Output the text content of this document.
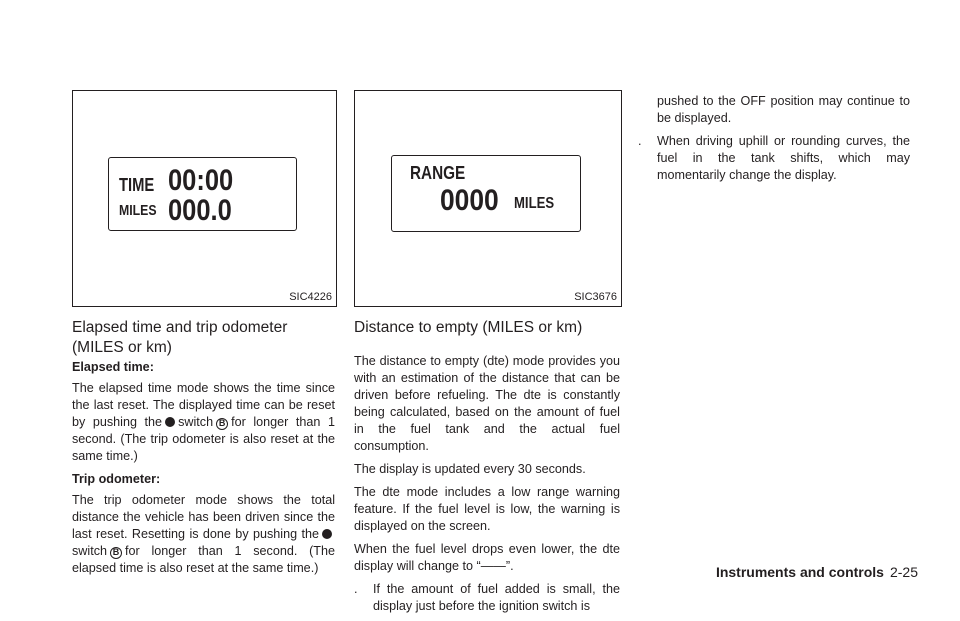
TIME 00:00
MILES 000.0
SIC4226
RANGE
0000 MILES
SIC3676
Elapsed time and trip odometer (MILES or km)

Elapsed time:

The elapsed time mode shows the time since the last reset. The displayed time can be reset by pushing the switch B for longer than 1 second. (The trip odometer is also reset at the same time.)

Trip odometer:

The trip odometer mode shows the total distance the vehicle has been driven since the last reset. Resetting is done by pushing the switch B for longer than 1 second. (The elapsed time is also reset at the same time.)

Distance to empty (MILES or km)

The distance to empty (dte) mode provides you with an estimation of the distance that can be driven before refueling. The dte is constantly being calculated, based on the amount of fuel in the fuel tank and the actual fuel consumption.

The display is updated every 30 seconds.

The dte mode includes a low range warning feature. If the fuel level is low, the warning is displayed on the screen.

When the fuel level drops even lower, the dte display will change to “——”.

. If the amount of fuel added is small, the display just before the ignition switch is

pushed to the OFF position may continue to be displayed.

. When driving uphill or rounding curves, the fuel in the tank shifts, which may momentarily change the display.

Instruments and controls 2-25
